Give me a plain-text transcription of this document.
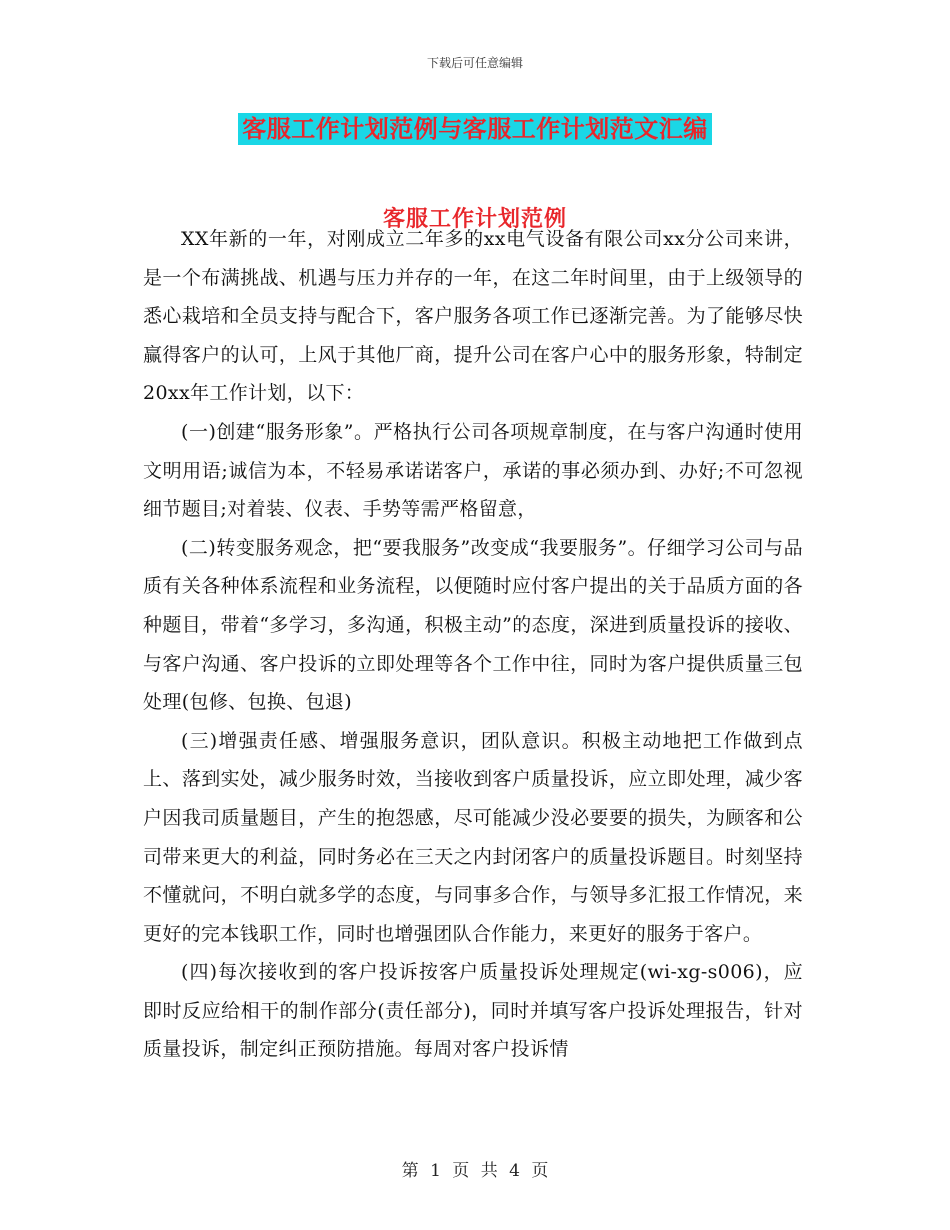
下载后可任意编辑
客服工作计划范例与客服工作计划范文汇编
客服工作计划范例

XX年新的一年，对刚成立二年多的xx电气设备有限公司xx分公司来讲，是一个布满挑战、机遇与压力并存的一年，在这二年时间里，由于上级领导的悉心栽培和全员支持与配合下，客户服务各项工作已逐渐完善。为了能够尽快赢得客户的认可，上风于其他厂商，提升公司在客户心中的服务形象，特制定20xx年工作计划，以下：

(一)创建“服务形象”。严格执行公司各项规章制度，在与客户沟通时使用文明用语;诚信为本，不轻易承诺诺客户，承诺的事必须办到、办好;不可忽视细节题目;对着装、仪表、手势等需严格留意，

(二)转变服务观念，把“要我服务”改变成“我要服务”。仔细学习公司与品质有关各种体系流程和业务流程，以便随时应付客户提出的关于品质方面的各种题目，带着“多学习，多沟通，积极主动”的态度，深进到质量投诉的接收、与客户沟通、客户投诉的立即处理等各个工作中往，同时为客户提供质量三包处理(包修、包换、包退)

(三)增强责任感、增强服务意识，团队意识。积极主动地把工作做到点上、落到实处，减少服务时效，当接收到客户质量投诉，应立即处理，减少客户因我司质量题目，产生的抱怨感，尽可能减少没必要要的损失，为顾客和公司带来更大的利益，同时务必在三天之内封闭客户的质量投诉题目。时刻坚持不懂就问，不明白就多学的态度，与同事多合作，与领导多汇报工作情况，来更好的完本钱职工作，同时也增强团队合作能力，来更好的服务于客户。

(四)每次接收到的客户投诉按客户质量投诉处理规定(wi-xg-s006)，应即时反应给相干的制作部分(责任部分)，同时并填写客户投诉处理报告，针对质量投诉，制定纠正预防措施。每周对客户投诉情

第 1 页 共 4 页
